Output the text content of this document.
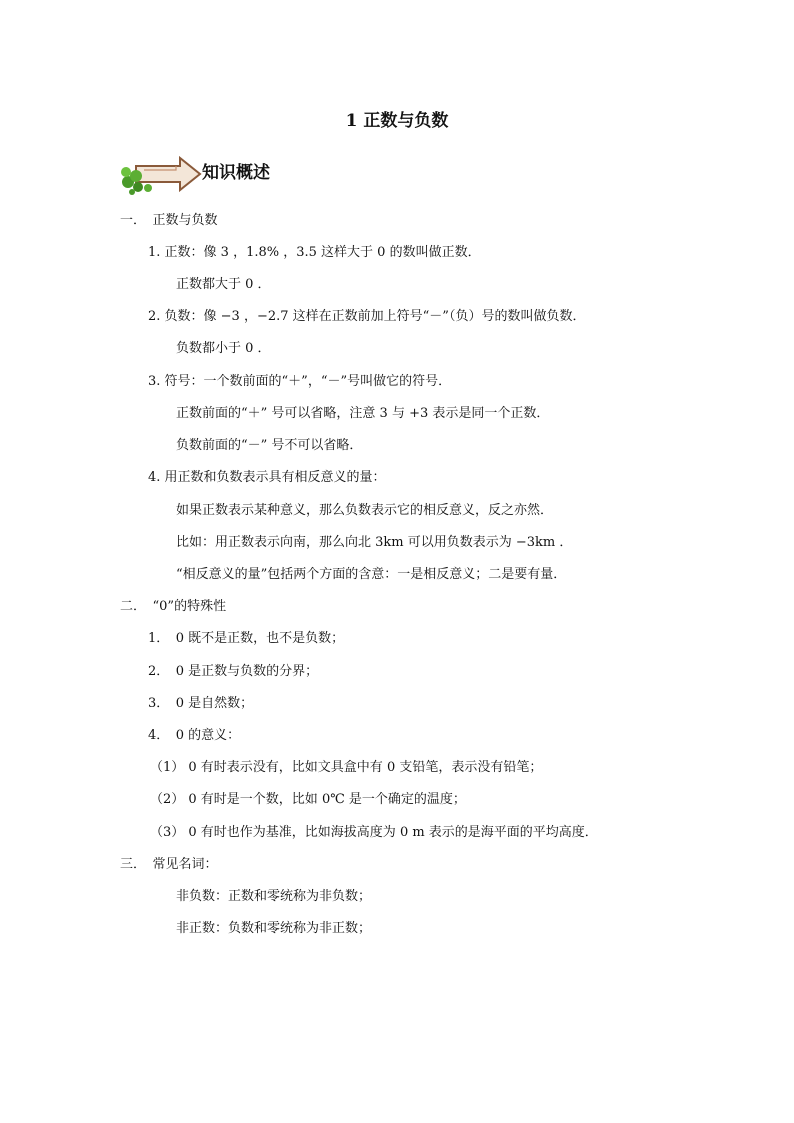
1 正数与负数
知识概述
一．　正数与负数
1. 正数：像 3 ，1.8% ，3.5 这样大于 0 的数叫做正数．
正数都大于 0 ．
2. 负数：像 −3 ，−2.7 这样在正数前加上符号“－”（负）号的数叫做负数．
负数都小于 0 ．
3. 符号：一个数前面的“＋”，“－”号叫做它的符号．
正数前面的“＋” 号可以省略，注意 3 与 +3 表示是同一个正数．
负数前面的“－” 号不可以省略．
4. 用正数和负数表示具有相反意义的量：
如果正数表示某种意义，那么负数表示它的相反意义，反之亦然．
比如：用正数表示向南，那么向北 3km 可以用负数表示为 −3km ．
“相反意义的量”包括两个方面的含意：一是相反意义；二是要有量．
二．　“0”的特殊性
1．　0 既不是正数，也不是负数；
2．　0 是正数与负数的分界；
3．　0 是自然数；
4．　0 的意义：
（1） 0 有时表示没有，比如文具盒中有 0 支铅笔，表示没有铅笔；
（2） 0 有时是一个数，比如 0℃ 是一个确定的温度；
（3） 0 有时也作为基准，比如海拔高度为 0 m 表示的是海平面的平均高度．
三．　常见名词：
非负数：正数和零统称为非负数；
非正数：负数和零统称为非正数；
